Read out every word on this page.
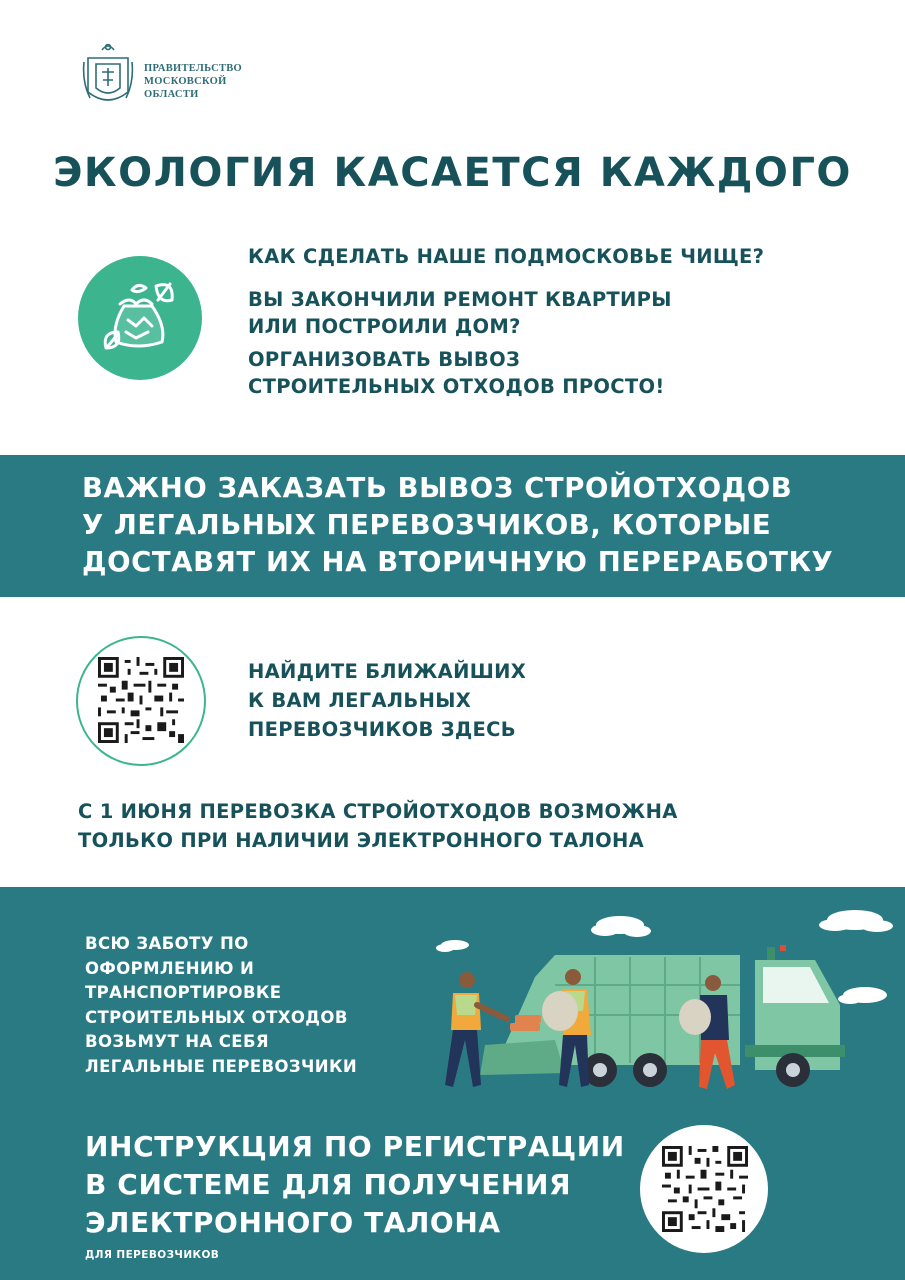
ПРАВИТЕЛЬСТВО
МОСКОВСКОЙ
ОБЛАСТИ
ЭКОЛОГИЯ КАСАЕТСЯ КАЖДОГО
КАК СДЕЛАТЬ НАШЕ ПОДМОСКОВЬЕ ЧИЩЕ?
ВЫ ЗАКОНЧИЛИ РЕМОНТ КВАРТИРЫ
ИЛИ ПОСТРОИЛИ ДОМ?
ОРГАНИЗОВАТЬ ВЫВОЗ
СТРОИТЕЛЬНЫХ ОТХОДОВ ПРОСТО!
ВАЖНО ЗАКАЗАТЬ ВЫВОЗ СТРОЙОТХОДОВ
У ЛЕГАЛЬНЫХ ПЕРЕВОЗЧИКОВ, КОТОРЫЕ
ДОСТАВЯТ ИХ НА ВТОРИЧНУЮ ПЕРЕРАБОТКУ
НАЙДИТЕ БЛИЖАЙШИХ
К ВАМ ЛЕГАЛЬНЫХ
ПЕРЕВОЗЧИКОВ ЗДЕСЬ
С 1 ИЮНЯ ПЕРЕВОЗКА СТРОЙОТХОДОВ ВОЗМОЖНА
ТОЛЬКО ПРИ НАЛИЧИИ ЭЛЕКТРОННОГО ТАЛОНА
ВСЮ ЗАБОТУ ПО
ОФОРМЛЕНИЮ И
ТРАНСПОРТИРОВКЕ
СТРОИТЕЛЬНЫХ ОТХОДОВ
ВОЗЬМУТ НА СЕБЯ
ЛЕГАЛЬНЫЕ ПЕРЕВОЗЧИКИ
ИНСТРУКЦИЯ ПО РЕГИСТРАЦИИ
В СИСТЕМЕ ДЛЯ ПОЛУЧЕНИЯ
ЭЛЕКТРОННОГО ТАЛОНА
ДЛЯ ПЕРЕВОЗЧИКОВ
